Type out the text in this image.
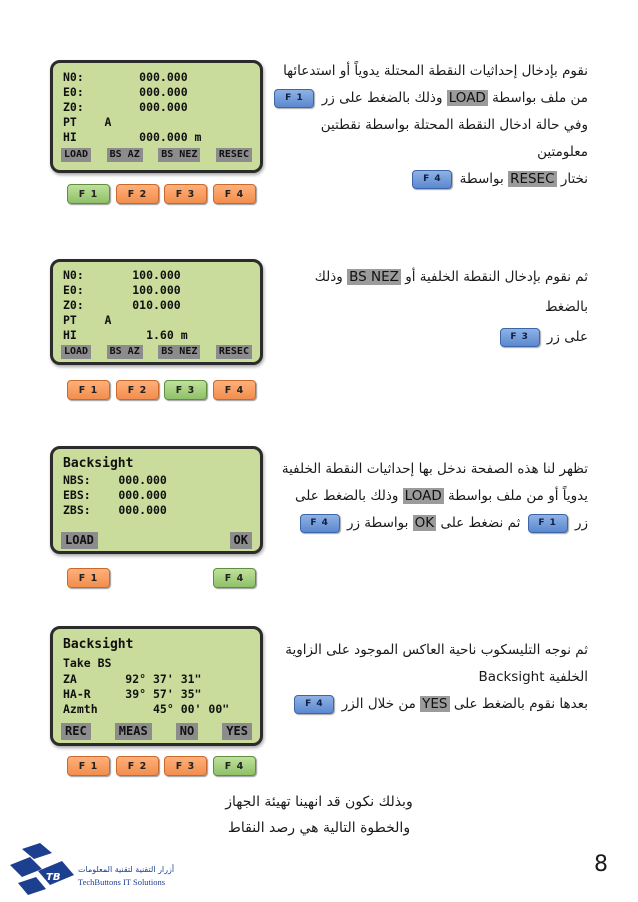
N0:        000.000
E0:        000.000
Z0:        000.000
PT    A
HI         000.000 m
LOAD	BS AZ	BS NEZ	RESEC
F 1	F 2	F 3	F 4
N0:       100.000
E0:       100.000
Z0:       010.000
PT    A
HI          1.60 m
LOAD	BS AZ	BS NEZ	RESEC
F 1	F 2	F 3	F 4
Backsight
NBS:    000.000
EBS:    000.000
ZBS:    000.000
LOAD	OK
F 1	F 4
Backsight
Take BS
ZA       92° 37' 31"
HA-R     39° 57' 35"
Azmth        45° 00' 00"
REC	MEAS	NO	YES
F 1	F 2	F 3	F 4
نقوم بإدخال إحداثيات النقطة المحتلة يدوياً أو استدعائها
من ملف بواسطة LOAD وذلك بالضغط على زر F 1
وفي حالة ادخال النقطة المحتلة بواسطة نقطتين معلومتين
نختار RESEC بواسطة F 4
ثم نقوم بإدخال النقطة الخلفية أو BS NEZ وذلك بالضغط
على زر F 3
تظهر لنا هذه الصفحة ندخل بها إحداثيات النقطة الخلفية
يدوياً أو من ملف بواسطة LOAD وذلك بالضغط على
زر F 1 ثم نضغط على OK بواسطة زر F 4
ثم نوجه التليسكوب ناحية العاكس الموجود على الزاوية
الخلفية Backsight
بعدها نقوم بالضغط على YES من خلال الزر F 4
وبذلك نكون قد انهينا تهيئة الجهاز
والخطوة التالية هي رصد النقاط
8
TB
أزرار التقنية لتقنية المعلومات
TechButtons IT Solutions
